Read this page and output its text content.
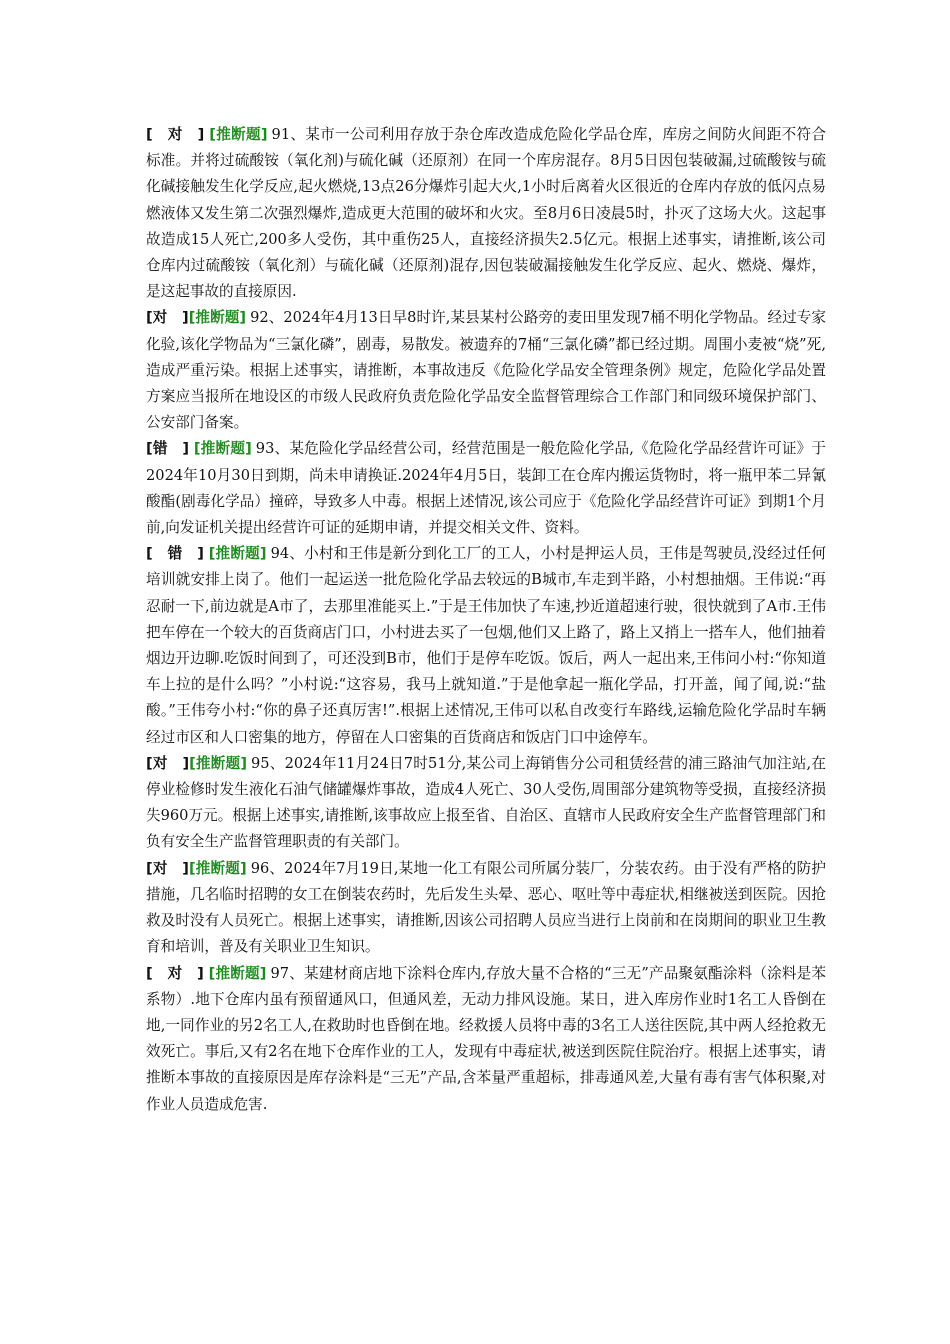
[　对　] [推断题] 91、某市一公司利用存放于杂仓库改造成危险化学品仓库，库房之间防火间距不符合标准。并将过硫酸铵（氧化剂)与硫化碱（还原剂）在同一个库房混存。8月5日因包装破漏,过硫酸铵与硫化碱接触发生化学反应,起火燃烧,13点26分爆炸引起大火,1小时后离着火区很近的仓库内存放的低闪点易燃液体又发生第二次强烈爆炸,造成更大范围的破坏和火灾。至8月6日凌晨5时，扑灭了这场大火。这起事故造成15人死亡,200多人受伤，其中重伤25人，直接经济损失2.5亿元。根据上述事实，请推断,该公司仓库内过硫酸铵（氧化剂）与硫化碱（还原剂)混存,因包装破漏接触发生化学反应、起火、燃烧、爆炸，是这起事故的直接原因.

[对　][推断题] 92、2024年4月13日早8时许,某县某村公路旁的麦田里发现7桶不明化学物品。经过专家化验,该化学物品为“三氯化磷”，剧毒，易散发。被遗弃的7桶“三氯化磷”都已经过期。周围小麦被“烧”死,造成严重污染。根据上述事实，请推断，本事故违反《危险化学品安全管理条例》规定，危险化学品处置方案应当报所在地设区的市级人民政府负责危险化学品安全监督管理综合工作部门和同级环境保护部门、公安部门备案。

[错　] [推断题] 93、某危险化学品经营公司，经营范围是一般危险化学品,《危险化学品经营许可证》于2024年10月30日到期，尚未申请换证.2024年4月5日，装卸工在仓库内搬运货物时，将一瓶甲苯二异氰酸酯(剧毒化学品）撞碎，导致多人中毒。根据上述情况,该公司应于《危险化学品经营许可证》到期1个月前,向发证机关提出经营许可证的延期申请，并提交相关文件、资料。

[　错　] [推断题] 94、小村和王伟是新分到化工厂的工人，小村是押运人员，王伟是驾驶员,没经过任何培训就安排上岗了。他们一起运送一批危险化学品去较远的B城市,车走到半路，小村想抽烟。王伟说:“再忍耐一下,前边就是A市了，去那里准能买上.”于是王伟加快了车速,抄近道超速行驶，很快就到了A市.王伟把车停在一个较大的百货商店门口，小村进去买了一包烟,他们又上路了，路上又捎上一搭车人，他们抽着烟边开边聊.吃饭时间到了，可还没到B市，他们于是停车吃饭。饭后，两人一起出来,王伟问小村:“你知道车上拉的是什么吗？”小村说:“这容易，我马上就知道.”于是他拿起一瓶化学品，打开盖，闻了闻,说:“盐酸。”王伟夸小村:“你的鼻子还真厉害!”.根据上述情况,王伟可以私自改变行车路线,运输危险化学品时车辆经过市区和人口密集的地方，停留在人口密集的百货商店和饭店门口中途停车。

[对　][推断题] 95、2024年11月24日7时51分,某公司上海销售分公司租赁经营的浦三路油气加注站,在停业检修时发生液化石油气储罐爆炸事故，造成4人死亡、30人受伤,周围部分建筑物等受损，直接经济损失960万元。根据上述事实,请推断,该事故应上报至省、自治区、直辖市人民政府安全生产监督管理部门和负有安全生产监督管理职责的有关部门。

[对　][推断题] 96、2024年7月19日,某地一化工有限公司所属分装厂，分装农药。由于没有严格的防护措施，几名临时招聘的女工在倒装农药时，先后发生头晕、恶心、呕吐等中毒症状,相继被送到医院。因抢救及时没有人员死亡。根据上述事实，请推断,因该公司招聘人员应当进行上岗前和在岗期间的职业卫生教育和培训，普及有关职业卫生知识。

[　对　] [推断题] 97、某建材商店地下涂料仓库内,存放大量不合格的“三无”产品聚氨酯涂料（涂料是苯系物）.地下仓库内虽有预留通风口，但通风差，无动力排风设施。某日，进入库房作业时1名工人昏倒在地,一同作业的另2名工人,在救助时也昏倒在地。经救援人员将中毒的3名工人送往医院,其中两人经抢救无效死亡。事后,又有2名在地下仓库作业的工人，发现有中毒症状,被送到医院住院治疗。根据上述事实，请推断本事故的直接原因是库存涂料是“三无”产品,含苯量严重超标，排毒通风差,大量有毒有害气体积聚,对作业人员造成危害.
